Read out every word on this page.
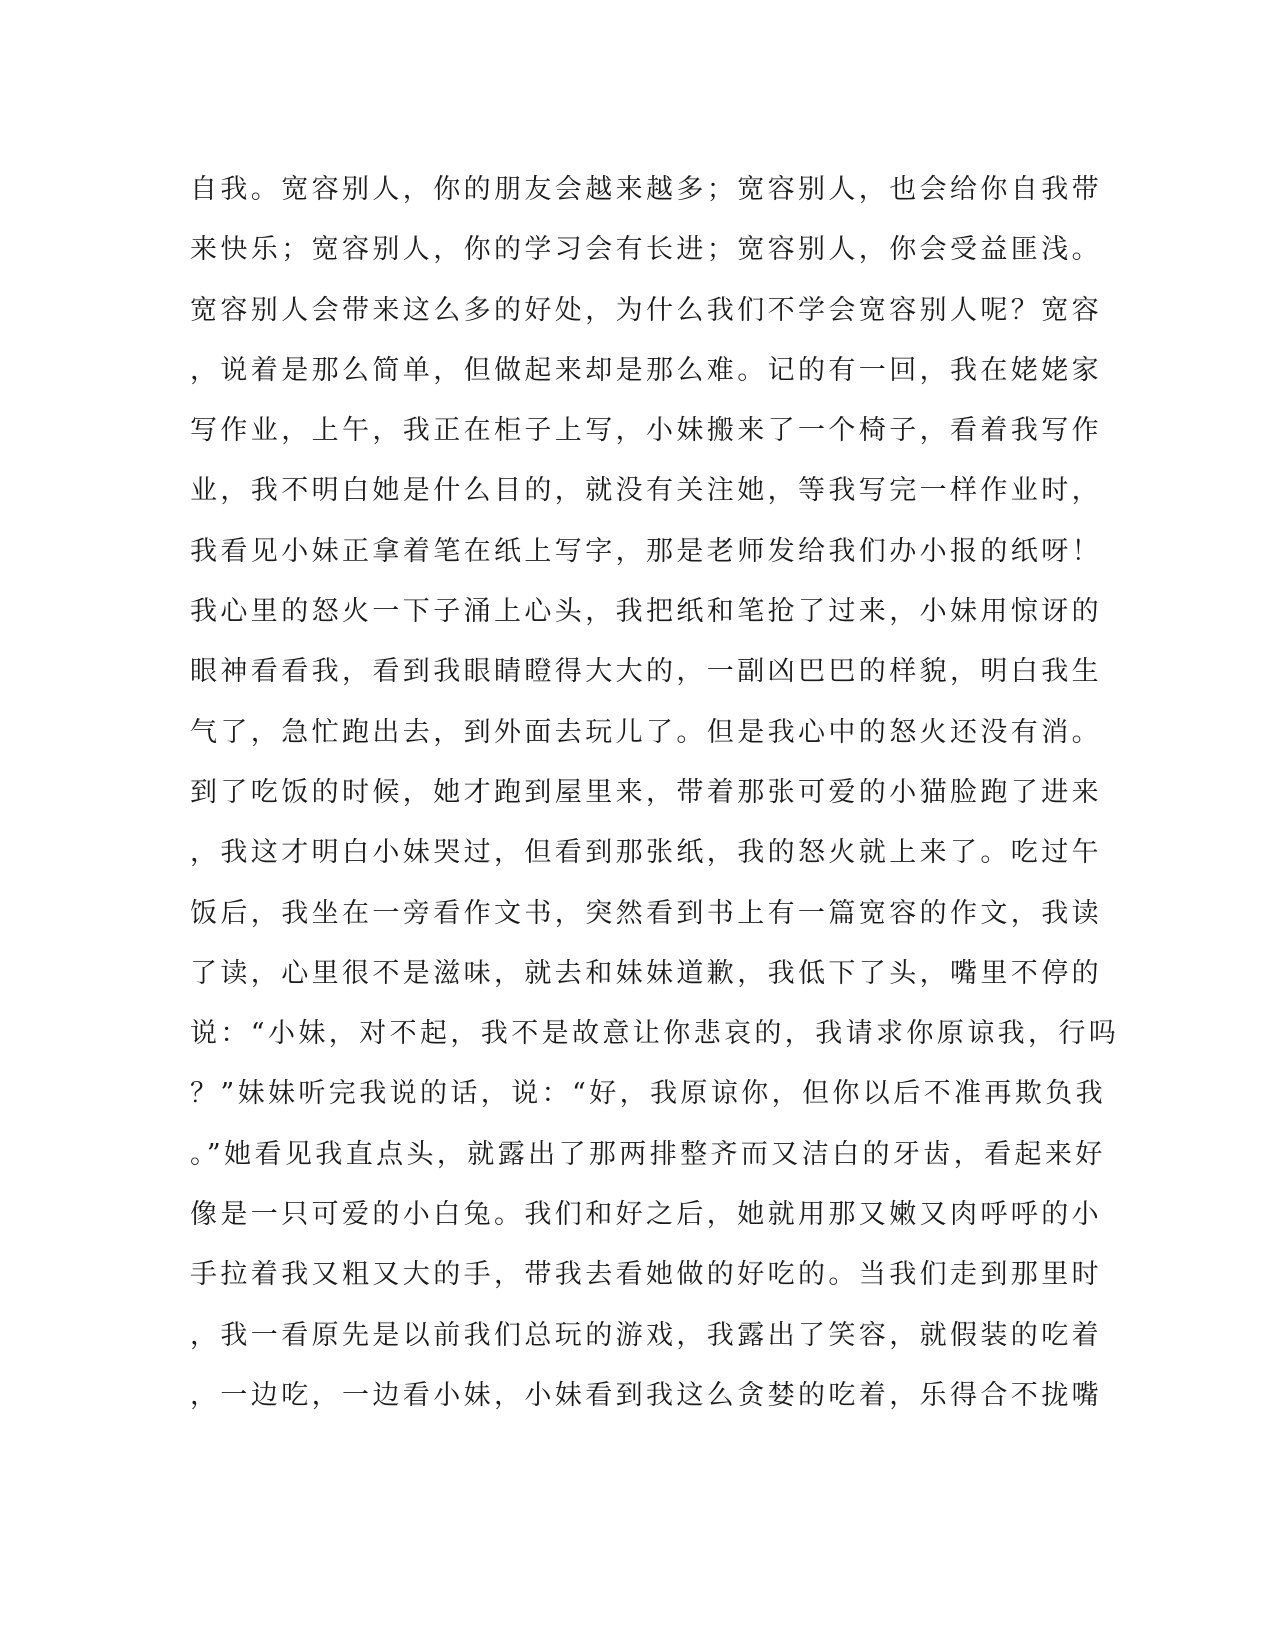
自我。宽容别人，你的朋友会越来越多；宽容别人，也会给你自我带
来快乐；宽容别人，你的学习会有长进；宽容别人，你会受益匪浅。
宽容别人会带来这么多的好处，为什么我们不学会宽容别人呢？宽容
，说着是那么简单，但做起来却是那么难。记的有一回，我在姥姥家
写作业，上午，我正在柜子上写，小妹搬来了一个椅子，看着我写作
业，我不明白她是什么目的，就没有关注她，等我写完一样作业时，
我看见小妹正拿着笔在纸上写字，那是老师发给我们办小报的纸呀！
我心里的怒火一下子涌上心头，我把纸和笔抢了过来，小妹用惊讶的
眼神看看我，看到我眼睛瞪得大大的，一副凶巴巴的样貌，明白我生
气了，急忙跑出去，到外面去玩儿了。但是我心中的怒火还没有消。
到了吃饭的时候，她才跑到屋里来，带着那张可爱的小猫脸跑了进来
，我这才明白小妹哭过，但看到那张纸，我的怒火就上来了。吃过午
饭后，我坐在一旁看作文书，突然看到书上有一篇宽容的作文，我读
了读，心里很不是滋味，就去和妹妹道歉，我低下了头，嘴里不停的
说：“小妹，对不起，我不是故意让你悲哀的，我请求你原谅我，行吗
？”妹妹听完我说的话，说：“好，我原谅你，但你以后不准再欺负我
。”她看见我直点头，就露出了那两排整齐而又洁白的牙齿，看起来好
像是一只可爱的小白兔。我们和好之后，她就用那又嫩又肉呼呼的小
手拉着我又粗又大的手，带我去看她做的好吃的。当我们走到那里时
，我一看原先是以前我们总玩的游戏，我露出了笑容，就假装的吃着
，一边吃，一边看小妹，小妹看到我这么贪婪的吃着，乐得合不拢嘴
